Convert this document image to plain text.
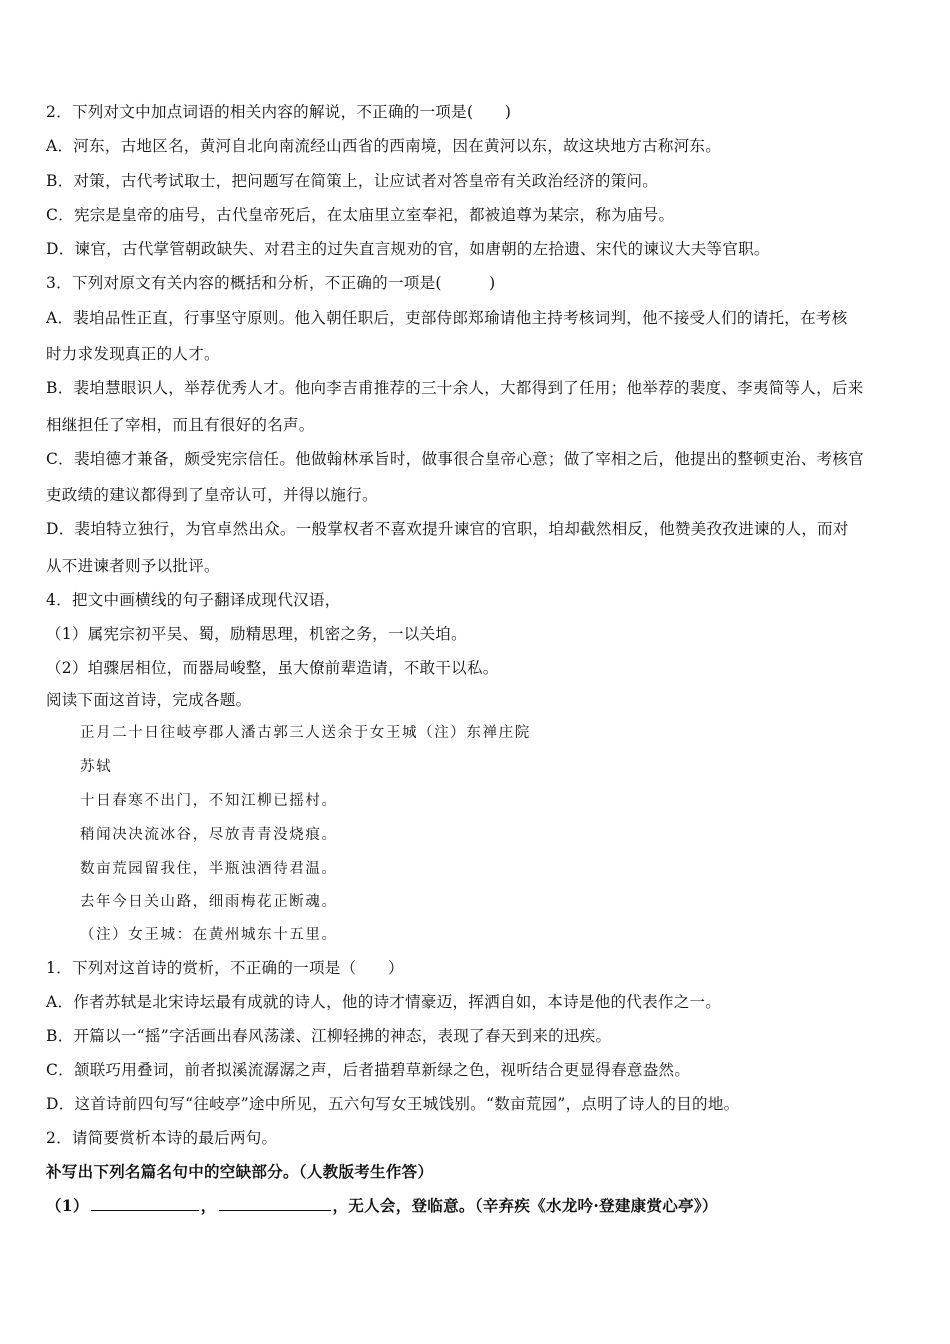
2．下列对文中加点词语的相关内容的解说，不正确的一项是(　　)
A．河东，古地区名，黄河自北向南流经山西省的西南境，因在黄河以东，故这块地方古称河东。
B．对策，古代考试取士，把问题写在简策上，让应试者对答皇帝有关政治经济的策问。
C．宪宗是皇帝的庙号，古代皇帝死后，在太庙里立室奉祀，都被追尊为某宗，称为庙号。
D．谏官，古代掌管朝政缺失、对君主的过失直言规劝的官，如唐朝的左拾遗、宋代的谏议大夫等官职。
3．下列对原文有关内容的概括和分析，不正确的一项是(　　　)
A．裴垍品性正直，行事坚守原则。他入朝任职后，吏部侍郎郑瑜请他主持考核词判，他不接受人们的请托，在考核
时力求发现真正的人才。
B．裴垍慧眼识人，举荐优秀人才。他向李吉甫推荐的三十余人，大都得到了任用；他举荐的裴度、李夷简等人，后来
相继担任了宰相，而且有很好的名声。
C．裴垍德才兼备，颇受宪宗信任。他做翰林承旨时，做事很合皇帝心意；做了宰相之后，他提出的整顿吏治、考核官
吏政绩的建议都得到了皇帝认可，并得以施行。
D．裴垍特立独行，为官卓然出众。一般掌权者不喜欢提升谏官的官职，垍却截然相反，他赞美孜孜进谏的人，而对
从不进谏者则予以批评。
4．把文中画横线的句子翻译成现代汉语，
（1）属宪宗初平吴、蜀，励精思理，机密之务，一以关垍。
（2）垍骤居相位，而器局峻整，虽大僚前辈造请，不敢干以私。
阅读下面这首诗，完成各题。
正月二十日往岐亭郡人潘古郭三人送余于女王城（注）东禅庄院
苏轼
十日春寒不出门，不知江柳已摇村。
稍闻决决流冰谷，尽放青青没烧痕。
数亩荒园留我住，半瓶浊酒待君温。
去年今日关山路，细雨梅花正断魂。
（注）女王城：在黄州城东十五里。
1．下列对这首诗的赏析，不正确的一项是（　　）
A．作者苏轼是北宋诗坛最有成就的诗人，他的诗才情豪迈，挥洒自如，本诗是他的代表作之一。
B．开篇以一“摇”字活画出春风荡漾、江柳轻拂的神态，表现了春天到来的迅疾。
C．颔联巧用叠词，前者拟溪流潺潺之声，后者描碧草新绿之色，视听结合更显得春意盎然。
D．这首诗前四句写“往岐亭”途中所见，五六句写女王城饯别。“数亩荒园”，点明了诗人的目的地。
2．请简要赏析本诗的最后两句。
补写出下列名篇名句中的空缺部分。（人教版考生作答）
（1）	，	，无人会，登临意。（辛弃疾《水龙吟·登建康赏心亭》）
